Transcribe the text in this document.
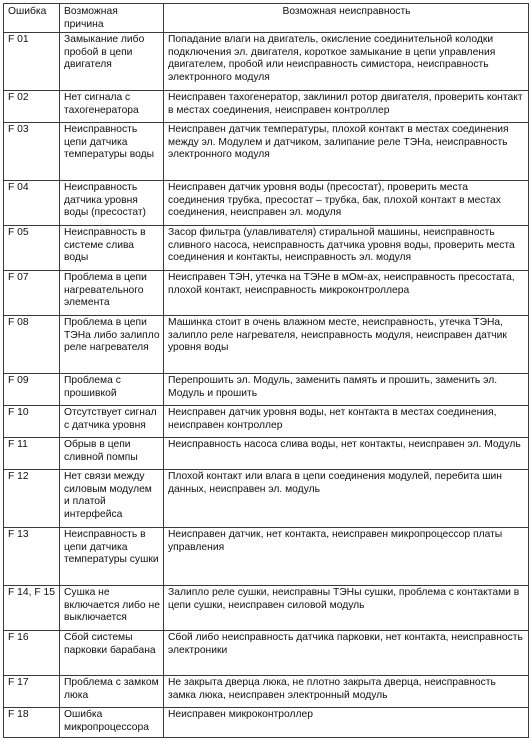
Ошибка	Возможная причина	Возможная неисправность
F 01	Замыкание либо пробой в цепи двигателя	Попадание влаги на двигатель, окисление соединительной колодки подключения эл. двигателя, короткое замыкание в цепи управления двигателем, пробой или неисправность симистора, неисправность электронного модуля
F 02	Нет сигнала с тахогенератора	Неисправен тахогенератор, заклинил ротор двигателя, проверить контакт в местах соединения, неисправен контроллер
F 03	Неисправность цепи датчика температуры воды	Неисправен датчик температуры, плохой контакт в местах соединения между эл. Модулем и датчиком, залипание реле ТЭНа, неисправность электронного модуля
F 04	Неисправность датчика уровня воды (пресостат)	Неисправен датчик уровня воды (пресостат), проверить места соединения трубка, пресостат – трубка, бак, плохой контакт в местах соединения, неисправен эл. модуля
F 05	Неисправность в системе слива воды	Засор фильтра (улавливателя) стиральной машины, неисправность сливного насоса, неисправность датчика уровня воды, проверить места соединения и контакты, неисправность эл. модуля
F 07	Проблема в цепи нагревательного элемента	Неисправен ТЭН, утечка на ТЭНе в мОм-ах, неисправность пресостата, плохой контакт, неисправность микроконтроллера
F 08	Проблема в цепи ТЭНа либо залипло реле нагревателя	Машинка стоит в очень влажном месте, неисправность, утечка ТЭНа, залипло реле нагревателя, неисправность модуля, неисправен датчик уровня воды
F 09	Проблема с прошивкой	Перепрошить эл. Модуль, заменить память и прошить, заменить эл. Модуль и прошить
F 10	Отсутствует сигнал с датчика уровня	Неисправен датчик уровня воды, нет контакта в местах соединения, неисправен контроллер
F 11	Обрыв в цепи сливной помпы	Неисправность насоса слива воды, нет контакты, неисправен эл. Модуль
F 12	Нет связи между силовым модулем и платой интерфейса	Плохой контакт или влага в цепи соединения модулей, перебита шин данных, неисправен эл. модуль
F 13	Неисправность в цепи датчика температуры сушки	Неисправен датчик, нет контакта, неисправен микропроцессор платы управления
F 14, F 15	Сушка не включается либо не выключается	Залипло реле сушки, неисправны ТЭНы сушки, проблема с контактами в цепи сушки, неисправен силовой модуль
F 16	Сбой системы парковки барабана	Сбой либо неисправность датчика парковки, нет контакта, неисправность электроники
F 17	Проблема с замком люка	Не закрыта дверца люка, не плотно закрыта дверца, неисправность замка люка, неисправен электронный модуль
F 18	Ошибка микропроцессора	Неисправен микроконтроллер
